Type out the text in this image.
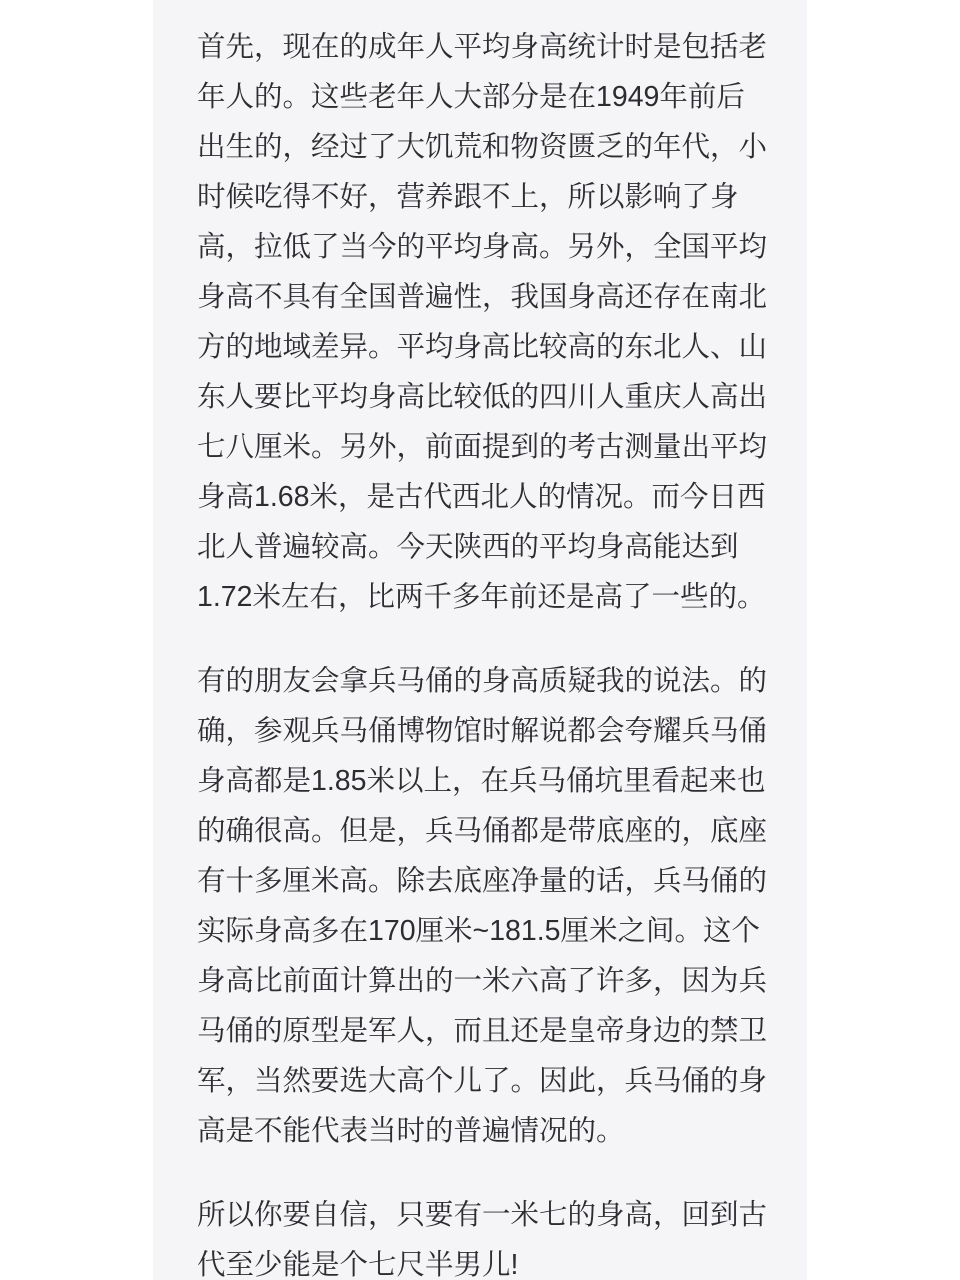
首先，现在的成年人平均身高统计时是包括老
年人的。这些老年人大部分是在1949年前后
出生的，经过了大饥荒和物资匮乏的年代，小
时候吃得不好，营养跟不上，所以影响了身
高，拉低了当今的平均身高。另外，全国平均
身高不具有全国普遍性，我国身高还存在南北
方的地域差异。平均身高比较高的东北人、山
东人要比平均身高比较低的四川人重庆人高出
七八厘米。另外，前面提到的考古测量出平均
身高1.68米，是古代西北人的情况。而今日西
北人普遍较高。今天陕西的平均身高能达到
1.72米左右，比两千多年前还是高了一些的。

有的朋友会拿兵马俑的身高质疑我的说法。的
确，参观兵马俑博物馆时解说都会夸耀兵马俑
身高都是1.85米以上，在兵马俑坑里看起来也
的确很高。但是，兵马俑都是带底座的，底座
有十多厘米高。除去底座净量的话，兵马俑的
实际身高多在170厘米~181.5厘米之间。这个
身高比前面计算出的一米六高了许多，因为兵
马俑的原型是军人，而且还是皇帝身边的禁卫
军，当然要选大高个儿了。因此，兵马俑的身
高是不能代表当时的普遍情况的。

所以你要自信，只要有一米七的身高，回到古
代至少能是个七尺半男儿!
